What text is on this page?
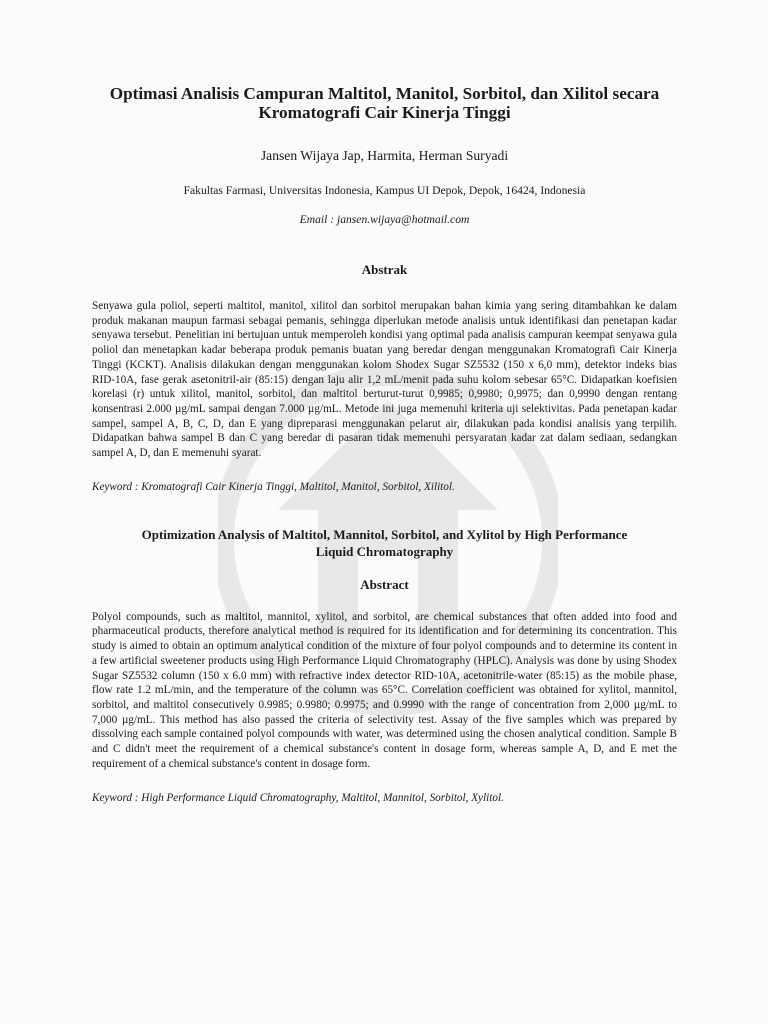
Optimasi Analisis Campuran Maltitol, Manitol, Sorbitol, dan Xilitol secara
Kromatografi Cair Kinerja Tinggi

Jansen Wijaya Jap, Harmita, Herman Suryadi
Fakultas Farmasi, Universitas Indonesia, Kampus UI Depok, Depok, 16424, Indonesia
Email : jansen.wijaya@hotmail.com
Abstrak
Senyawa gula poliol, seperti maltitol, manitol, xilitol dan sorbitol merupakan bahan kimia yang sering ditambahkan ke dalam produk makanan maupun farmasi sebagai pemanis, sehingga diperlukan metode analisis untuk identifikasi dan penetapan kadar senyawa tersebut. Penelitian ini bertujuan untuk memperoleh kondisi yang optimal pada analisis campuran keempat senyawa gula poliol dan menetapkan kadar beberapa produk pemanis buatan yang beredar dengan menggunakan Kromatografi Cair Kinerja Tinggi (KCKT). Analisis dilakukan dengan menggunakan kolom Shodex Sugar SZ5532 (150 x 6,0 mm), detektor indeks bias RID-10A, fase gerak asetonitril-air (85:15) dengan laju alir 1,2 mL/menit pada suhu kolom sebesar 65°C. Didapatkan koefisien korelasi (r) untuk xilitol, manitol, sorbitol, dan maltitol berturut-turut 0,9985; 0,9980; 0,9975; dan 0,9990 dengan rentang konsentrasi 2.000 µg/mL sampai dengan 7.000 µg/mL. Metode ini juga memenuhi kriteria uji selektivitas. Pada penetapan kadar sampel, sampel A, B, C, D, dan E yang dipreparasi menggunakan pelarut air, dilakukan pada kondisi analisis yang terpilih. Didapatkan bahwa sampel B dan C yang beredar di pasaran tidak memenuhi persyaratan kadar zat dalam sediaan, sedangkan sampel A, D, dan E memenuhi syarat.
Keyword : Kromatografi Cair Kinerja Tinggi, Maltitol, Manitol, Sorbitol, Xilitol.
Optimization Analysis of Maltitol, Mannitol, Sorbitol, and Xylitol by High Performance
Liquid Chromatography
Abstract
Polyol compounds, such as maltitol, mannitol, xylitol, and sorbitol, are chemical substances that often added into food and pharmaceutical products, therefore analytical method is required for its identification and for determining its concentration. This study is aimed to obtain an optimum analytical condition of the mixture of four polyol compounds and to determine its content in a few artificial sweetener products using High Performance Liquid Chromatography (HPLC). Analysis was done by using Shodex Sugar SZ5532 column (150 x 6.0 mm) with refractive index detector RID-10A, acetonitrile-water (85:15) as the mobile phase, flow rate 1.2 mL/min, and the temperature of the column was 65°C. Correlation coefficient was obtained for xylitol, mannitol, sorbitol, and maltitol consecutively 0.9985; 0.9980; 0.9975; and 0.9990 with the range of concentration from 2,000 µg/mL to 7,000 µg/mL. This method has also passed the criteria of selectivity test. Assay of the five samples which was prepared by dissolving each sample contained polyol compounds with water, was determined using the chosen analytical condition. Sample B and C didn't meet the requirement of a chemical substance's content in dosage form, whereas sample A, D, and E met the requirement of a chemical substance's content in dosage form.
Keyword : High Performance Liquid Chromatography, Maltitol, Mannitol, Sorbitol, Xylitol.
